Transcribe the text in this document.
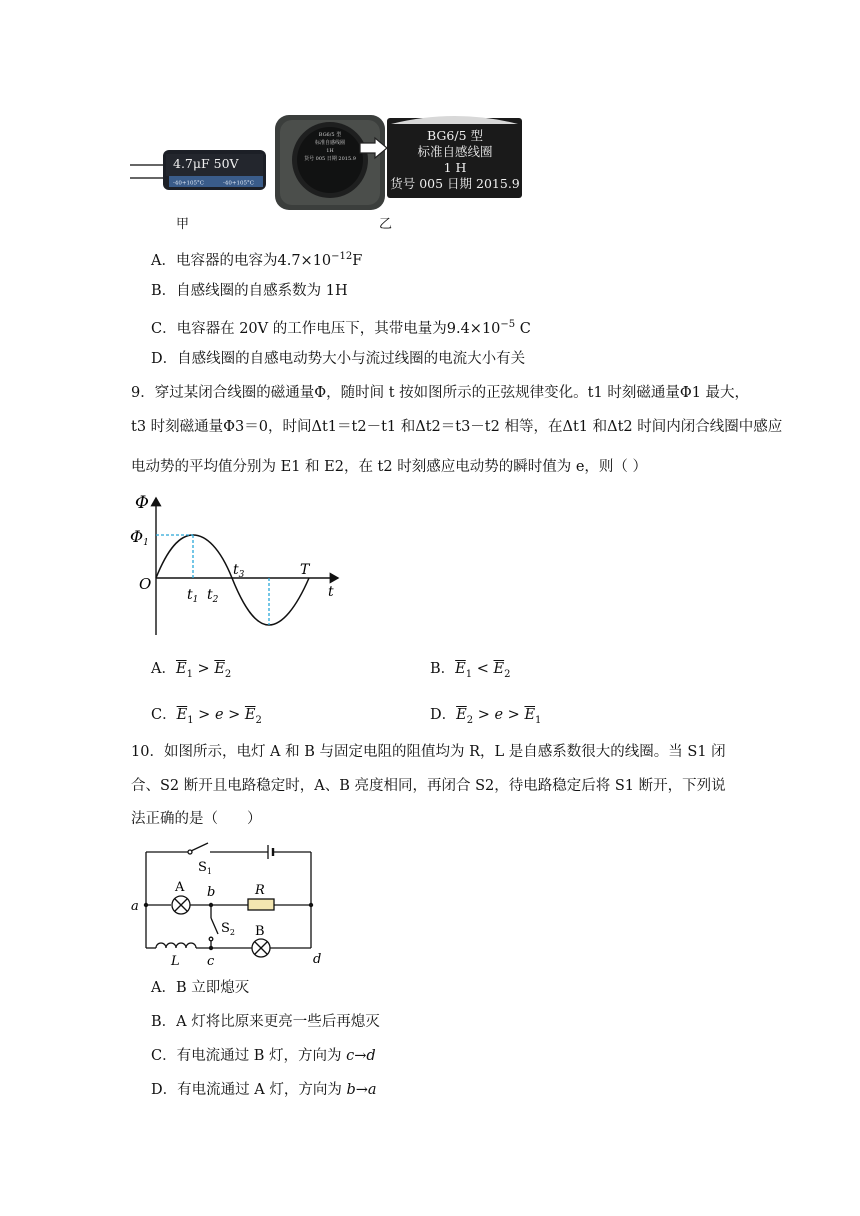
4.7μF 50V
-40+105°C	-40+105°C
BG6/5 型
标准自感线圈
1H
货号 005 日期 2015.9
BG6/5 型
标准自感线圈
1 H
货号 005 日期 2015.9
甲	乙
A．电容器的电容为$4.7\times 10^{-12}F$
B．自感线圈的自感系数为 1H
C．电容器在 20V 的工作电压下，其带电量为$9.4\times 10^{-5}$ C
D．自感线圈的自感电动势大小与流过线圈的电流大小有关
9．穿过某闭合线圈的磁通量Φ，随时间 t 按如图所示的正弦规律变化。t1 时刻磁通量Φ1 最大，
t3 时刻磁通量Φ3＝0，时间Δt1＝t2－t1 和Δt2＝t3－t2 相等，在Δt1 和Δt2 时间内闭合线圈中感应
电动势的平均值分别为 E1 和 E2，在 t2 时刻感应电动势的瞬时值为 e，则（ ）
Φ
Φ1
O
$t_1$ $t_2$
$t_3$	T
t
A．$\overline{E}_1 > \overline{E}_2$	B．$\overline{E}_1 < \overline{E}_2$
C．$\overline{E}_1 > e > \overline{E}_2$	D．$\overline{E}_2 > e > \overline{E}_1$
10．如图所示，电灯 A 和 B 与固定电阻的阻值均为 R，L 是自感系数很大的线圈。当 S1 闭
合、S2 断开且电路稳定时，A、B 亮度相同，再闭合 S2，待电路稳定后将 S1 断开，下列说
法正确的是（　　）
$S_1$
A b	R
$S_2$ B
a
L c	d
A．B 立即熄灭
B．A 灯将比原来更亮一些后再熄灭
C．有电流通过 B 灯，方向为 c→d
D．有电流通过 A 灯，方向为 b→a
